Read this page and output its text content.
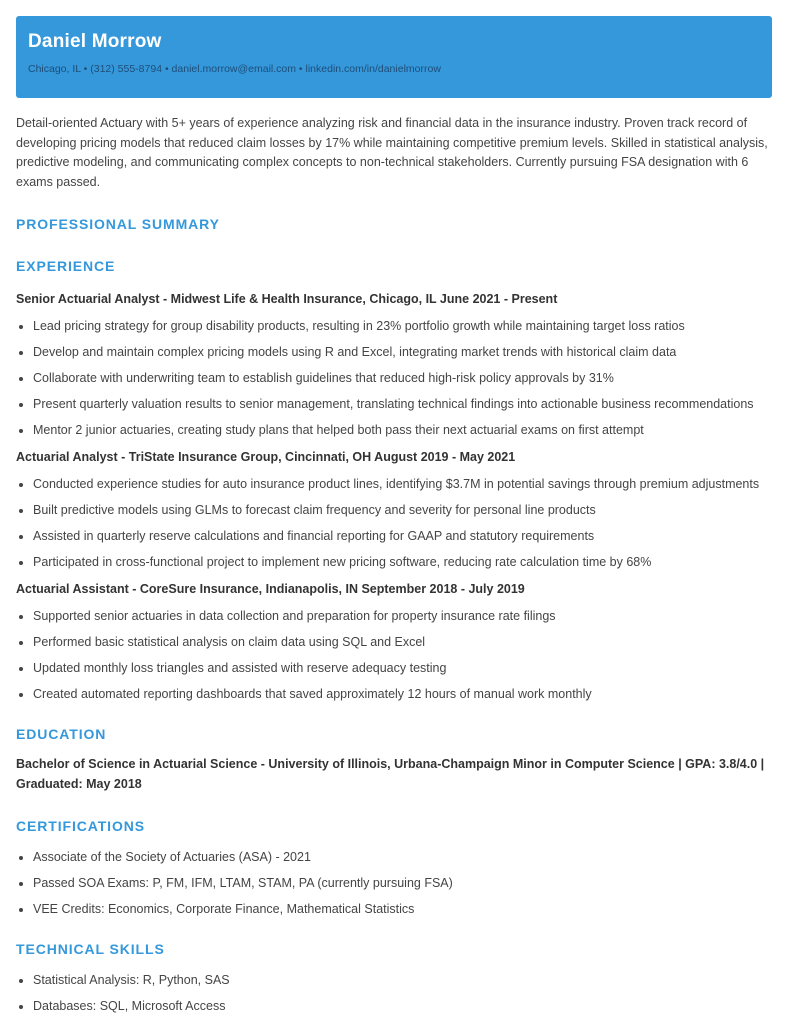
Daniel Morrow
Chicago, IL • (312) 555-8794 • daniel.morrow@email.com • linkedin.com/in/danielmorrow

Detail-oriented Actuary with 5+ years of experience analyzing risk and financial data in the insurance industry. Proven track record of developing pricing models that reduced claim losses by 17% while maintaining competitive premium levels. Skilled in statistical analysis, predictive modeling, and communicating complex concepts to non-technical stakeholders. Currently pursuing FSA designation with 6 exams passed.

PROFESSIONAL SUMMARY
EXPERIENCE
Senior Actuarial Analyst - Midwest Life & Health Insurance, Chicago, IL June 2021 - Present
Lead pricing strategy for group disability products, resulting in 23% portfolio growth while maintaining target loss ratios
Develop and maintain complex pricing models using R and Excel, integrating market trends with historical claim data
Collaborate with underwriting team to establish guidelines that reduced high-risk policy approvals by 31%
Present quarterly valuation results to senior management, translating technical findings into actionable business recommendations
Mentor 2 junior actuaries, creating study plans that helped both pass their next actuarial exams on first attempt
Actuarial Analyst - TriState Insurance Group, Cincinnati, OH August 2019 - May 2021
Conducted experience studies for auto insurance product lines, identifying $3.7M in potential savings through premium adjustments
Built predictive models using GLMs to forecast claim frequency and severity for personal line products
Assisted in quarterly reserve calculations and financial reporting for GAAP and statutory requirements
Participated in cross-functional project to implement new pricing software, reducing rate calculation time by 68%
Actuarial Assistant - CoreSure Insurance, Indianapolis, IN September 2018 - July 2019
Supported senior actuaries in data collection and preparation for property insurance rate filings
Performed basic statistical analysis on claim data using SQL and Excel
Updated monthly loss triangles and assisted with reserve adequacy testing
Created automated reporting dashboards that saved approximately 12 hours of manual work monthly
EDUCATION

Bachelor of Science in Actuarial Science - University of Illinois, Urbana-Champaign Minor in Computer Science | GPA: 3.8/4.0 | Graduated: May 2018

CERTIFICATIONS
Associate of the Society of Actuaries (ASA) - 2021
Passed SOA Exams: P, FM, IFM, LTAM, STAM, PA (currently pursuing FSA)
VEE Credits: Economics, Corporate Finance, Mathematical Statistics
TECHNICAL SKILLS
Statistical Analysis: R, Python, SAS
Databases: SQL, Microsoft Access
